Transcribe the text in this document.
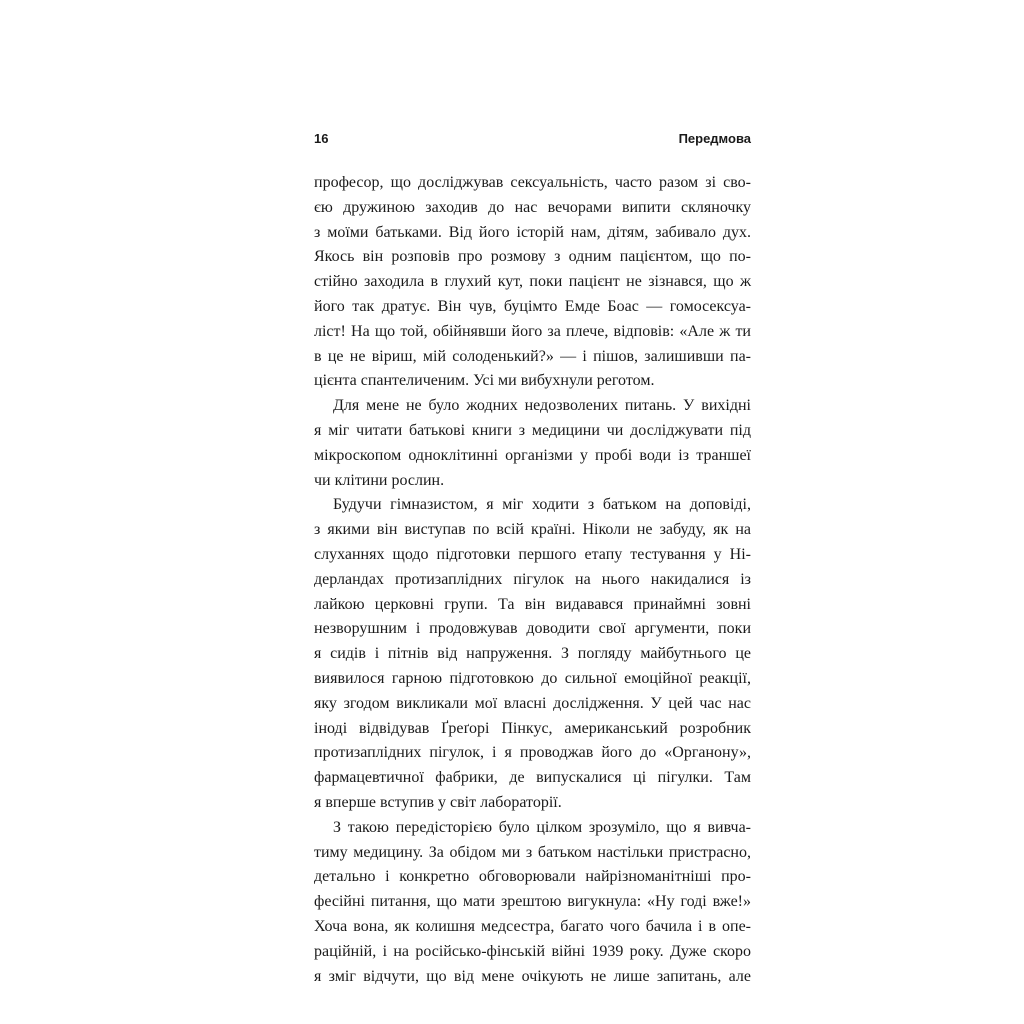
16	Передмова
професор, що досліджував сексуальність, часто разом зі сво-
єю дружиною заходив до нас вечорами випити скляночку
з моїми батьками. Від його історій нам, дітям, забивало дух.
Якось він розповів про розмову з одним пацієнтом, що по-
стійно заходила в глухий кут, поки пацієнт не зізнався, що ж
його так дратує. Він чув, буцімто Емде Боас — гомосексуа-
ліст! На що той, обійнявши його за плече, відповів: «Але ж ти
в це не віриш, мій солоденький?» — і пішов, залишивши па-
цієнта спантеличеним. Усі ми вибухнули реготом.
Для мене не було жодних недозволених питань. У вихідні
я міг читати батькові книги з медицини чи досліджувати під
мікроскопом одноклітинні організми у пробі води із траншеї
чи клітини рослин.
Будучи гімназистом, я міг ходити з батьком на доповіді,
з якими він виступав по всій країні. Ніколи не забуду, як на
слуханнях щодо підготовки першого етапу тестування у Ні-
дерландах протизаплідних пігулок на нього накидалися із
лайкою церковні групи. Та він видавався принаймні зовні
незворушним і продовжував доводити свої аргументи, поки
я сидів і пітнів від напруження. З погляду майбутнього це
виявилося гарною підготовкою до сильної емоційної реакції,
яку згодом викликали мої власні дослідження. У цей час нас
іноді відвідував Ґреґорі Пінкус, американський розробник
протизаплідних пігулок, і я проводжав його до «Органону»,
фармацевтичної фабрики, де випускалися ці пігулки. Там
я вперше вступив у світ лабораторії.
З такою передісторією було цілком зрозуміло, що я вивча-
тиму медицину. За обідом ми з батьком настільки пристрасно,
детально і конкретно обговорювали найрізноманітніші про-
фесійні питання, що мати зрештою вигукнула: «Ну годі вже!»
Хоча вона, як колишня медсестра, багато чого бачила і в опе-
раційній, і на російсько-фінській війні 1939 року. Дуже скоро
я зміг відчути, що від мене очікують не лише запитань, але
